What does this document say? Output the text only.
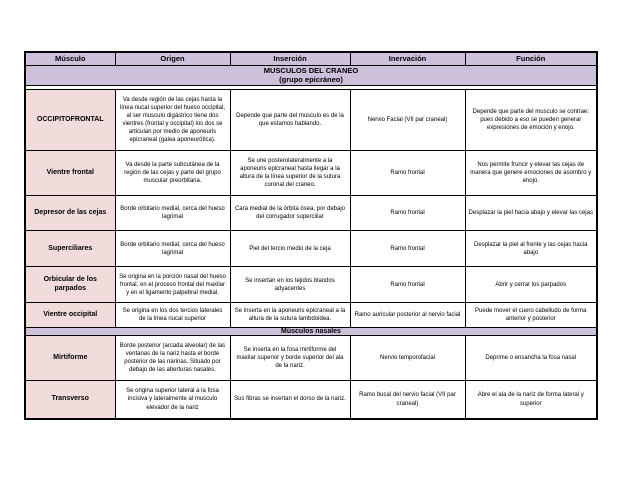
Músculo	Origen	Inserción	Inervación	Función

MUSCULOS DEL CRANEO
(grupo epicráneo)				

OCCIPITOFRONTAL	Va desde región de las cejas hasta la línea nucal superior del hueso occipital, al ser musculo digástrico tiene dos vientres (frontal y occipital) los dos se articulan por medio de aponeuris epicraneal (galea aponeurótica).	Depende que parte del musculo es de la que estamos hablando.	Nervio Facial (VII par craneal)	Depende que parte del musculo se contrae; pues debido a eso se pueden generar expresiones de emoción y enojo.
Vientre frontal	Va desde la parte subcutánea de la región de las cejas y parte del grupo muscular preorbitaria.	Se une posterolateralmente a la aponeuris epicraneal hasta llegar a la altura de la línea superior de la sutura coronal del craneo.	Ramo frontal	Nos permite fruncir y elevar las cejas de manera que genere emociones de asombro y enojo.
Depresor de las cejas	Borde orbitario medial, cerca del hueso lagrimal	Cara medial de la órbita ósea, por debajo del corrugador superciliar	Ramo frontal	Desplazar la piel hacia abajo y elevar las cejas
Superciliares	Borde orbitario medial, cerca del hueso lagrimal	Piel del tercio medio de la ceja	Ramo frontal	Desplazar la piel al frente y las cejas hacia abajo
Orbicular de los parpados	Se origina en la porción nasal del hueso frontal, en el proceso frontal del maxilar y en el ligamento palpebral medial.	Se insertan en los tejidos blandos adyacentes	Ramo frontal	Abrir y cerrar los parpados
Vientre occipital	Se origina en los dos tercios laterales de la línea nucal superior	Se inserta en la aponeuris epicraneal a la altura de la sutura lambdoidea.	Ramo auricular posterior al nervio facial	Puede mover el cuero cabelludo de forma anterior y posterior
Músculos nasales				
Mirtiforme	Borde posterior (arcada alveolar) de las ventanas de la nariz hasta el borde posterior de las narinas. Situado por debajo de las aberturas nasales.	Se inserta en la fosa mirtiforme del maxilar superior y borde superior del ala de la nariz.	Nervio temporofacial	Deprime o ensancha la fosa nasal
Transverso	Se origina superior lateral a la fosa incisiva y lateralmente al musculo elevador de la nariz	Sus fibras se insertan el dorso de la nariz.	Ramo bucal del nervio facial (VII par craneal)	Abre el ala de la nariz de forma lateral y superior
